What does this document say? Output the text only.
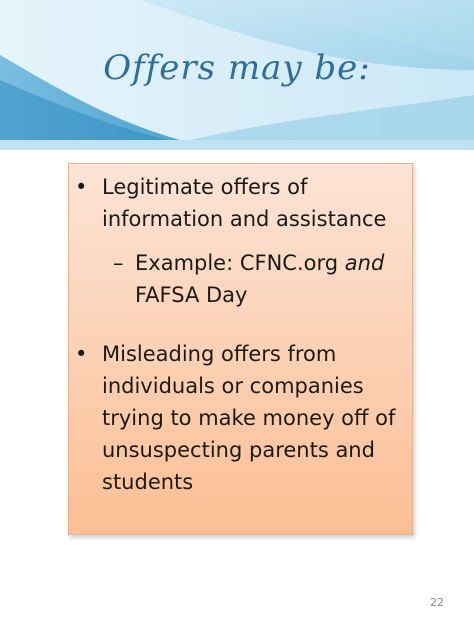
Offers may be:
• Legitimate offers of
information and assistance
– Example: CFNC.org and
FAFSA Day
• Misleading offers from
individuals or companies
trying to make money off of
unsuspecting parents and
students
22
